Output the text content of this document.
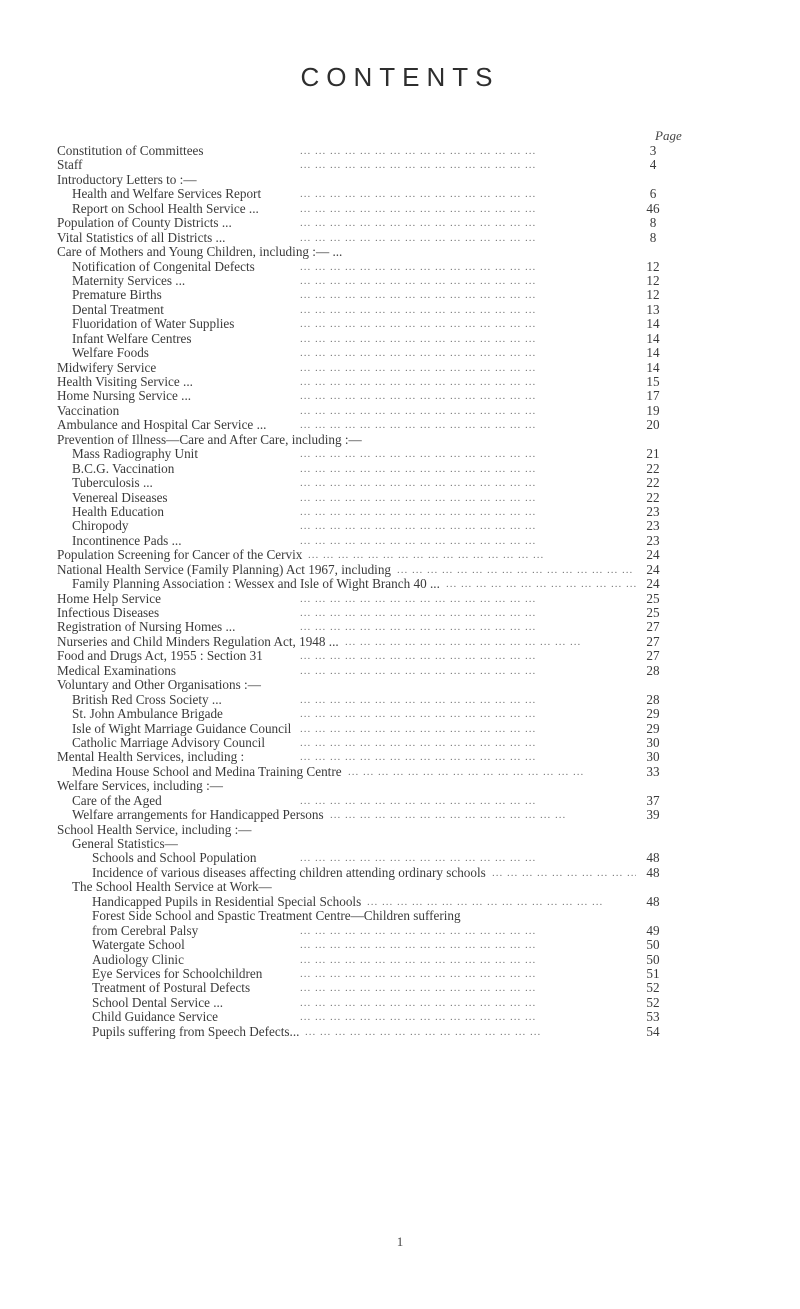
CONTENTS
Page
Constitution of Committees ... .	3
Staff ... .	4
Introductory Letters to :—
Health and Welfare Services Report ... .	6
Report on School Health Service ... ... .	46
Population of County Districts ... ... .	8
Vital Statistics of all Districts ... ... .	8
Care of Mothers and Young Children, including :— ...
Notification of Congenital Defects ... .	12
Maternity Services ... ... .	12
Premature Births ... .	12
Dental Treatment ... .	13
Fluoridation of Water Supplies ... .	14
Infant Welfare Centres ... .	14
Welfare Foods ... .	14
Midwifery Service ... .	14
Health Visiting Service ... ... .	15
Home Nursing Service ... ... .	17
Vaccination ... .	19
Ambulance and Hospital Car Service ... ... .	20
Prevention of Illness—Care and After Care, including :—
Mass Radiography Unit ... .	21
B.C.G. Vaccination ... .	22
Tuberculosis ... ... .	22
Venereal Diseases ... .	22
Health Education ... .	23
Chiropody ... .	23
Incontinence Pads ... ... .	23
Population Screening for Cancer of the Cervix ... .	24
National Health Service (Family Planning) Act 1967, including ... .	24
Family Planning Association : Wessex and Isle of Wight Branch 40 ... ... .	24
Home Help Service ... .	25
Infectious Diseases ... .	25
Registration of Nursing Homes ... ... .	27
Nurseries and Child Minders Regulation Act, 1948 ... ... .	27
Food and Drugs Act, 1955 : Section 31 ... .	27
Medical Examinations ... .	28
Voluntary and Other Organisations :—
British Red Cross Society ... ... .	28
St. John Ambulance Brigade ... .	29
Isle of Wight Marriage Guidance Council ... .	29
Catholic Marriage Advisory Council ... .	30
Mental Health Services, including : ... .	30
Medina House School and Medina Training Centre ... .	33
Welfare Services, including :—
Care of the Aged ... .	37
Welfare arrangements for Handicapped Persons ... .	39
School Health Service, including :—
General Statistics—
Schools and School Population ... .	48
Incidence of various diseases affecting children attending ordinary schools ... .	48
The School Health Service at Work—
Handicapped Pupils in Residential Special Schools ... .	48
Forest Side School and Spastic Treatment Centre—Children suffering
from Cerebral Palsy ... .	49
Watergate School ... .	50
Audiology Clinic ... .	50
Eye Services for Schoolchildren ... .	51
Treatment of Postural Defects ... .	52
School Dental Service ... ... .	52
Child Guidance Service ... .	53
Pupils suffering from Speech Defects... ... .	54
1
